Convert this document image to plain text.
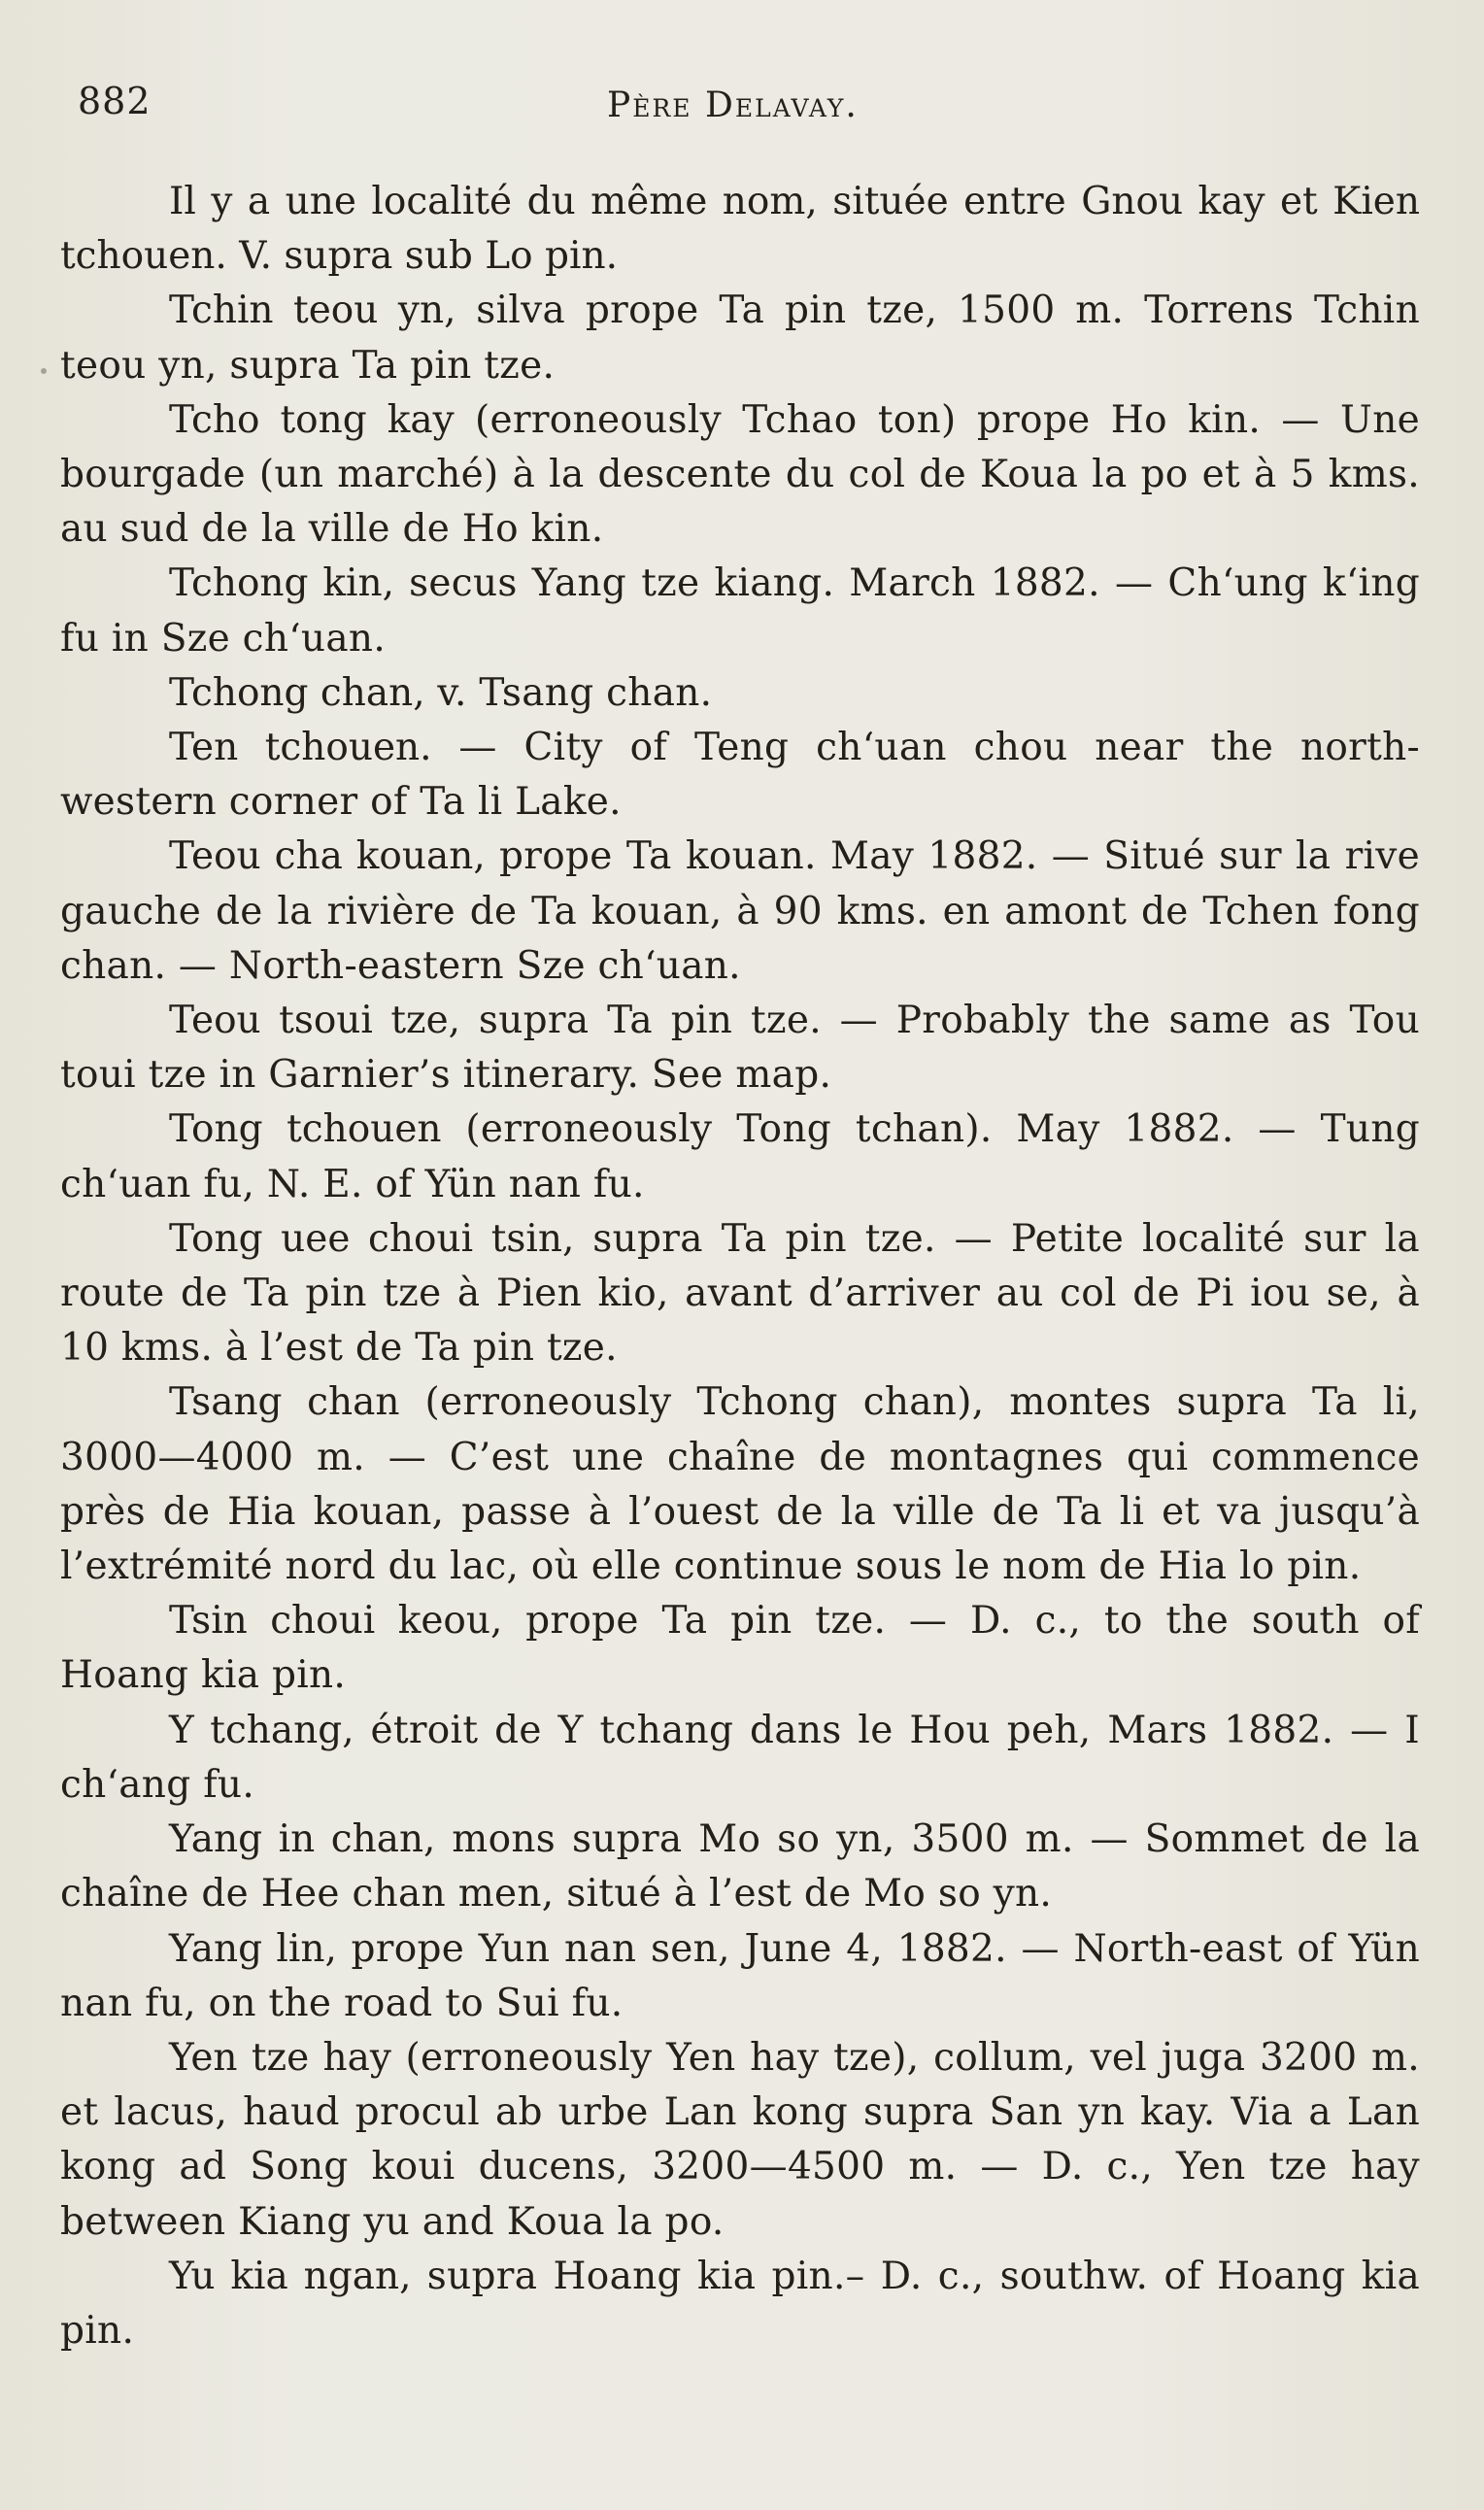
882	Père Delavay.

Il y a une localité du même nom, située entre Gnou kay et Kien tchouen. V. supra sub Lo pin.

Tchin teou yn, silva prope Ta pin tze, 1500 m. Torrens Tchin teou yn, supra Ta pin tze.

Tcho tong kay (erroneously Tchao ton) prope Ho kin. — Une bourgade (un marché) à la descente du col de Koua la po et à 5 kms. au sud de la ville de Ho kin.

Tchong kin, secus Yang tze kiang. March 1882. — Ch‘ung k‘ing fu in Sze ch‘uan.

Tchong chan, v. Tsang chan.

Ten tchouen. — City of Teng ch‘uan chou near the north-western corner of Ta li Lake.

Teou cha kouan, prope Ta kouan. May 1882. — Situé sur la rive gauche de la rivière de Ta kouan, à 90 kms. en amont de Tchen fong chan. — North-eastern Sze ch‘uan.

Teou tsoui tze, supra Ta pin tze. — Probably the same as Tou toui tze in Garnier’s itinerary. See map.

Tong tchouen (erroneously Tong tchan). May 1882. — Tung ch‘uan fu, N. E. of Yün nan fu.

Tong uee choui tsin, supra Ta pin tze. — Petite localité sur la route de Ta pin tze à Pien kio, avant d’arriver au col de Pi iou se, à 10 kms. à l’est de Ta pin tze.

Tsang chan (erroneously Tchong chan), montes supra Ta li, 3000—4000 m. — C’est une chaîne de montagnes qui commence près de Hia kouan, passe à l’ouest de la ville de Ta li et va jusqu’à l’extrémité nord du lac, où elle continue sous le nom de Hia lo pin.

Tsin choui keou, prope Ta pin tze. — D. c., to the south of Hoang kia pin.

Y tchang, étroit de Y tchang dans le Hou peh, Mars 1882. — I ch‘ang fu.

Yang in chan, mons supra Mo so yn, 3500 m. — Sommet de la chaîne de Hee chan men, situé à l’est de Mo so yn.

Yang lin, prope Yun nan sen, June 4, 1882. — North-east of Yün nan fu, on the road to Sui fu.

Yen tze hay (erroneously Yen hay tze), collum, vel juga 3200 m. et lacus, haud procul ab urbe Lan kong supra San yn kay. Via a Lan kong ad Song koui ducens, 3200—4500 m. — D. c., Yen tze hay between Kiang yu and Koua la po.

Yu kia ngan, supra Hoang kia pin.– D. c., southw. of Hoang kia pin.
